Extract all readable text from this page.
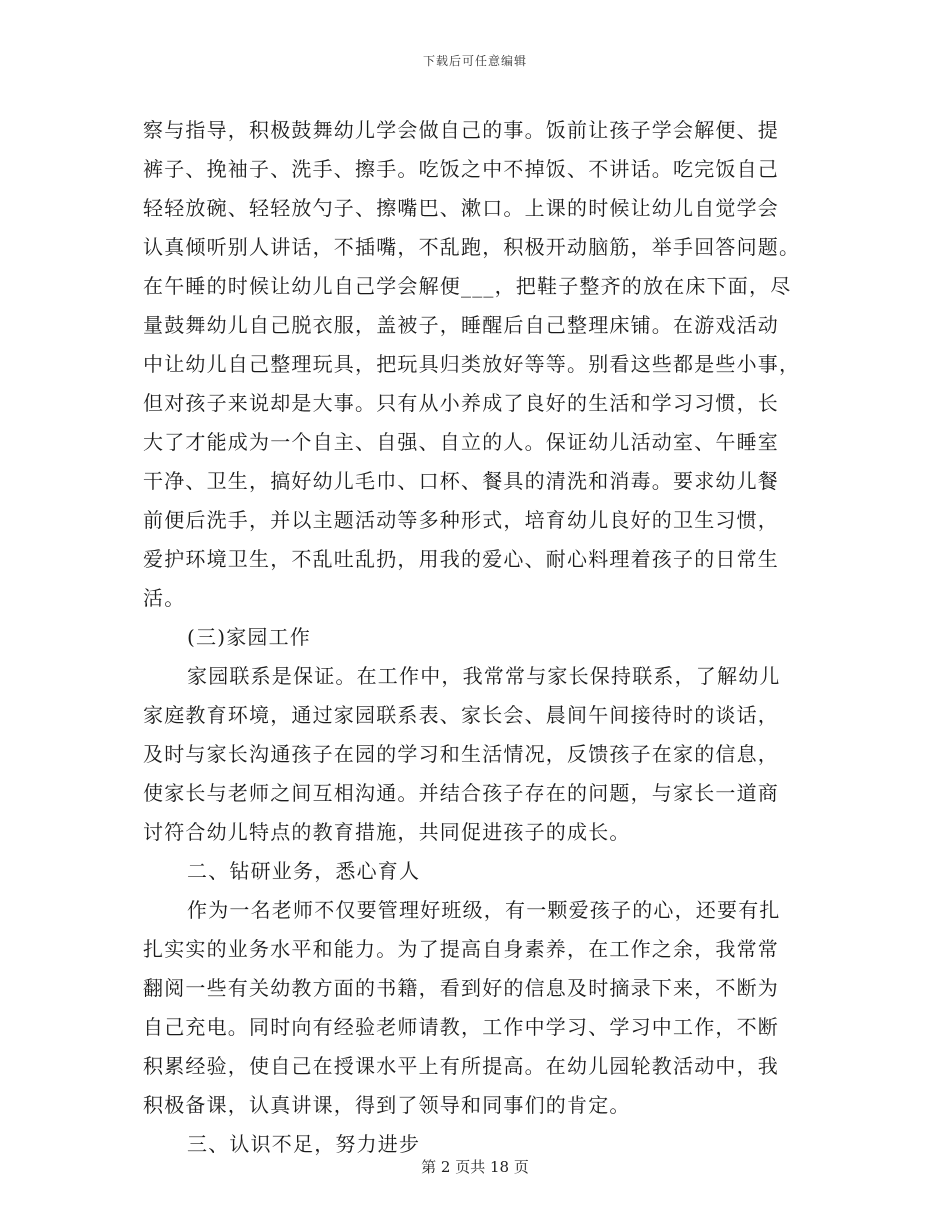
下载后可任意编辑
察与指导，积极鼓舞幼儿学会做自己的事。饭前让孩子学会解便、提
裤子、挽袖子、洗手、擦手。吃饭之中不掉饭、不讲话。吃完饭自己
轻轻放碗、轻轻放勺子、擦嘴巴、漱口。上课的时候让幼儿自觉学会
认真倾听别人讲话，不插嘴，不乱跑，积极开动脑筋，举手回答问题。
在午睡的时候让幼儿自己学会解便___，把鞋子整齐的放在床下面，尽
量鼓舞幼儿自己脱衣服，盖被子，睡醒后自己整理床铺。在游戏活动
中让幼儿自己整理玩具，把玩具归类放好等等。别看这些都是些小事，
但对孩子来说却是大事。只有从小养成了良好的生活和学习习惯，长
大了才能成为一个自主、自强、自立的人。保证幼儿活动室、午睡室
干净、卫生，搞好幼儿毛巾、口杯、餐具的清洗和消毒。要求幼儿餐
前便后洗手，并以主题活动等多种形式，培育幼儿良好的卫生习惯，
爱护环境卫生，不乱吐乱扔，用我的爱心、耐心料理着孩子的日常生
活。
(三)家园工作
家园联系是保证。在工作中，我常常与家长保持联系，了解幼儿
家庭教育环境，通过家园联系表、家长会、晨间午间接待时的谈话，
及时与家长沟通孩子在园的学习和生活情况，反馈孩子在家的信息，
使家长与老师之间互相沟通。并结合孩子存在的问题，与家长一道商
讨符合幼儿特点的教育措施，共同促进孩子的成长。
二、钻研业务，悉心育人
作为一名老师不仅要管理好班级，有一颗爱孩子的心，还要有扎
扎实实的业务水平和能力。为了提高自身素养，在工作之余，我常常
翻阅一些有关幼教方面的书籍，看到好的信息及时摘录下来，不断为
自己充电。同时向有经验老师请教，工作中学习、学习中工作，不断
积累经验，使自己在授课水平上有所提高。在幼儿园轮教活动中，我
积极备课，认真讲课，得到了领导和同事们的肯定。
三、认识不足，努力进步
第 2 页共 18 页
